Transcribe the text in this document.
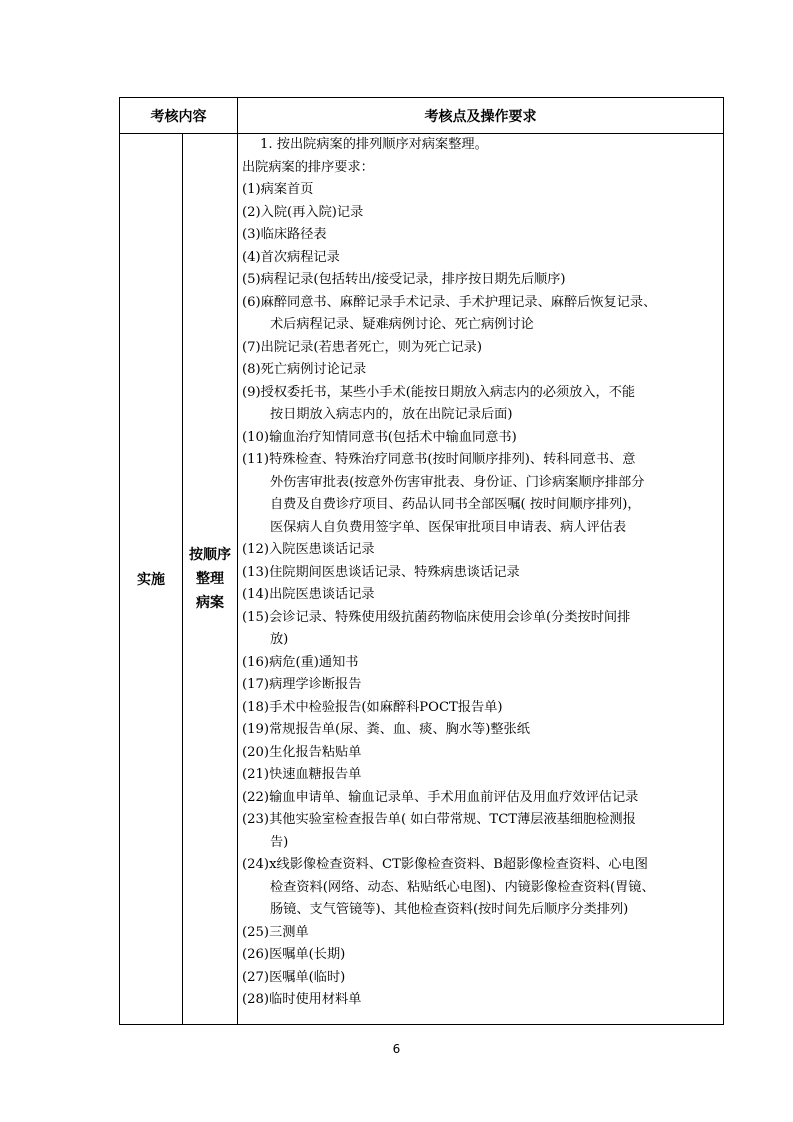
考核内容	考核点及操作要求
实施
按顺序
整理
病案
1. 按出院病案的排列顺序对病案整理。
出院病案的排序要求：
(1)病案首页
(2)入院(再入院)记录
(3)临床路径表
(4)首次病程记录
(5)病程记录(包括转出/接受记录，排序按日期先后顺序)
(6)麻醉同意书、麻醉记录手术记录、手术护理记录、麻醉后恢复记录、
术后病程记录、疑难病例讨论、死亡病例讨论
(7)出院记录(若患者死亡，则为死亡记录)
(8)死亡病例讨论记录
(9)授权委托书，某些小手术(能按日期放入病志内的必须放入，不能
按日期放入病志内的，放在出院记录后面)
(10)输血治疗知情同意书(包括术中输血同意书)
(11)特殊检查、特殊治疗同意书(按时间顺序排列)、转科同意书、意
外伤害审批表(按意外伤害审批表、身份证、门诊病案顺序排部分
自费及自费诊疗项目、药品认同书全部医嘱( 按时间顺序排列)，
医保病人自负费用签字单、医保审批项目申请表、病人评估表
(12)入院医患谈话记录
(13)住院期间医患谈话记录、特殊病患谈话记录
(14)出院医患谈话记录
(15)会诊记录、特殊使用级抗菌药物临床使用会诊单(分类按时间排
放)
(16)病危(重)通知书
(17)病理学诊断报告
(18)手术中检验报告(如麻醉科POCT报告单)
(19)常规报告单(尿、粪、血、痰、胸水等)整张纸
(20)生化报告粘贴单
(21)快速血糖报告单
(22)输血申请单、输血记录单、手术用血前评估及用血疗效评估记录
(23)其他实验室检查报告单( 如白带常规、TCT薄层液基细胞检测报
告)
(24)x线影像检查资料、CT影像检查资料、B超影像检查资料、心电图
检查资料(网络、动态、粘贴纸心电图)、内镜影像检查资料(胃镜、
肠镜、支气管镜等)、其他检查资料(按时间先后顺序分类排列)
(25)三测单
(26)医嘱单(长期)
(27)医嘱单(临时)
(28)临时使用材料单
6
